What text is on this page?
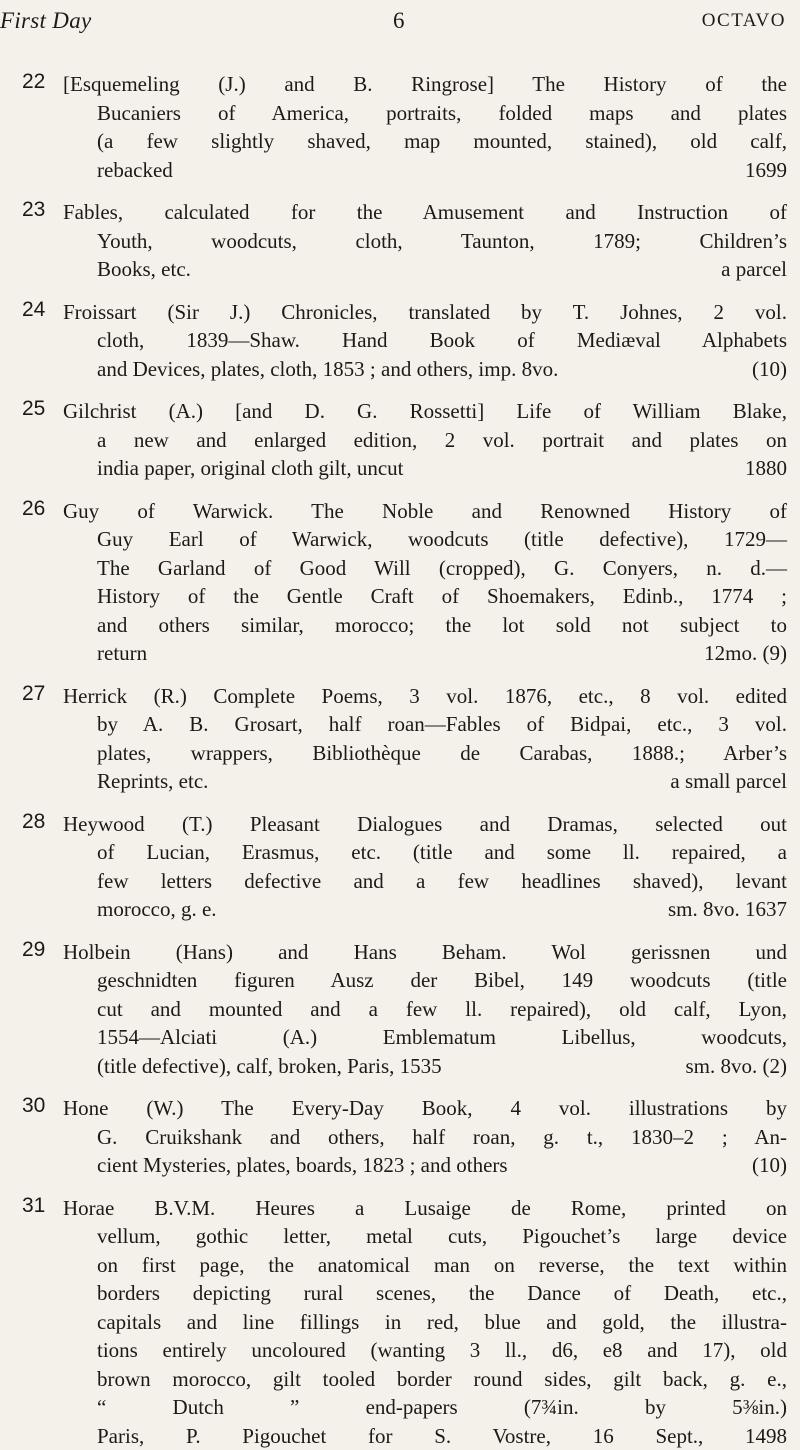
First Day	6	OCTAVO
22 [Esquemeling (J.) and B. Ringrose] The History of the
Bucaniers of America, portraits, folded maps and plates
(a few slightly shaved, map mounted, stained), old calf,
rebacked	1699
23 Fables, calculated for the Amusement and Instruction of
Youth, woodcuts, cloth, Taunton, 1789; Children’s
Books, etc.	a parcel
24 Froissart (Sir J.) Chronicles, translated by T. Johnes, 2 vol.
cloth, 1839—Shaw. Hand Book of Mediæval Alphabets
and Devices, plates, cloth, 1853 ; and others, imp. 8vo.	(10)
25 Gilchrist (A.) [and D. G. Rossetti] Life of William Blake,
a new and enlarged edition, 2 vol. portrait and plates on
india paper, original cloth gilt, uncut	1880
26 Guy of Warwick. The Noble and Renowned History of
Guy Earl of Warwick, woodcuts (title defective), 1729—
The Garland of Good Will (cropped), G. Conyers, n. d.—
History of the Gentle Craft of Shoemakers, Edinb., 1774 ;
and others similar, morocco; the lot sold not subject to
return	12mo. (9)
27 Herrick (R.) Complete Poems, 3 vol. 1876, etc., 8 vol. edited
by A. B. Grosart, half roan—Fables of Bidpai, etc., 3 vol.
plates, wrappers, Bibliothèque de Carabas, 1888.; Arber’s
Reprints, etc.	a small parcel
28 Heywood (T.) Pleasant Dialogues and Dramas, selected out
of Lucian, Erasmus, etc. (title and some ll. repaired, a
few letters defective and a few headlines shaved), levant
morocco, g. e.	sm. 8vo. 1637
29 Holbein (Hans) and Hans Beham. Wol gerissnen und
geschnidten figuren Ausz der Bibel, 149 woodcuts (title
cut and mounted and a few ll. repaired), old calf, Lyon,
1554—Alciati (A.) Emblematum Libellus, woodcuts,
(title defective), calf, broken, Paris, 1535	sm. 8vo. (2)
30 Hone (W.) The Every-Day Book, 4 vol. illustrations by
G. Cruikshank and others, half roan, g. t., 1830–2 ; An-
cient Mysteries, plates, boards, 1823 ; and others	(10)
31 Horae B.V.M. Heures a Lusaige de Rome, printed on
vellum, gothic letter, metal cuts, Pigouchet’s large device
on first page, the anatomical man on reverse, the text within
borders depicting rural scenes, the Dance of Death, etc.,
capitals and line fillings in red, blue and gold, the illustra-
tions entirely uncoloured (wanting 3 ll., d6, e8 and 17), old
brown morocco, gilt tooled border round sides, gilt back, g. e.,
“ Dutch ” end-papers (7¾in. by 5⅜in.)
Paris, P. Pigouchet for S. Vostre, 16 Sept., 1498
